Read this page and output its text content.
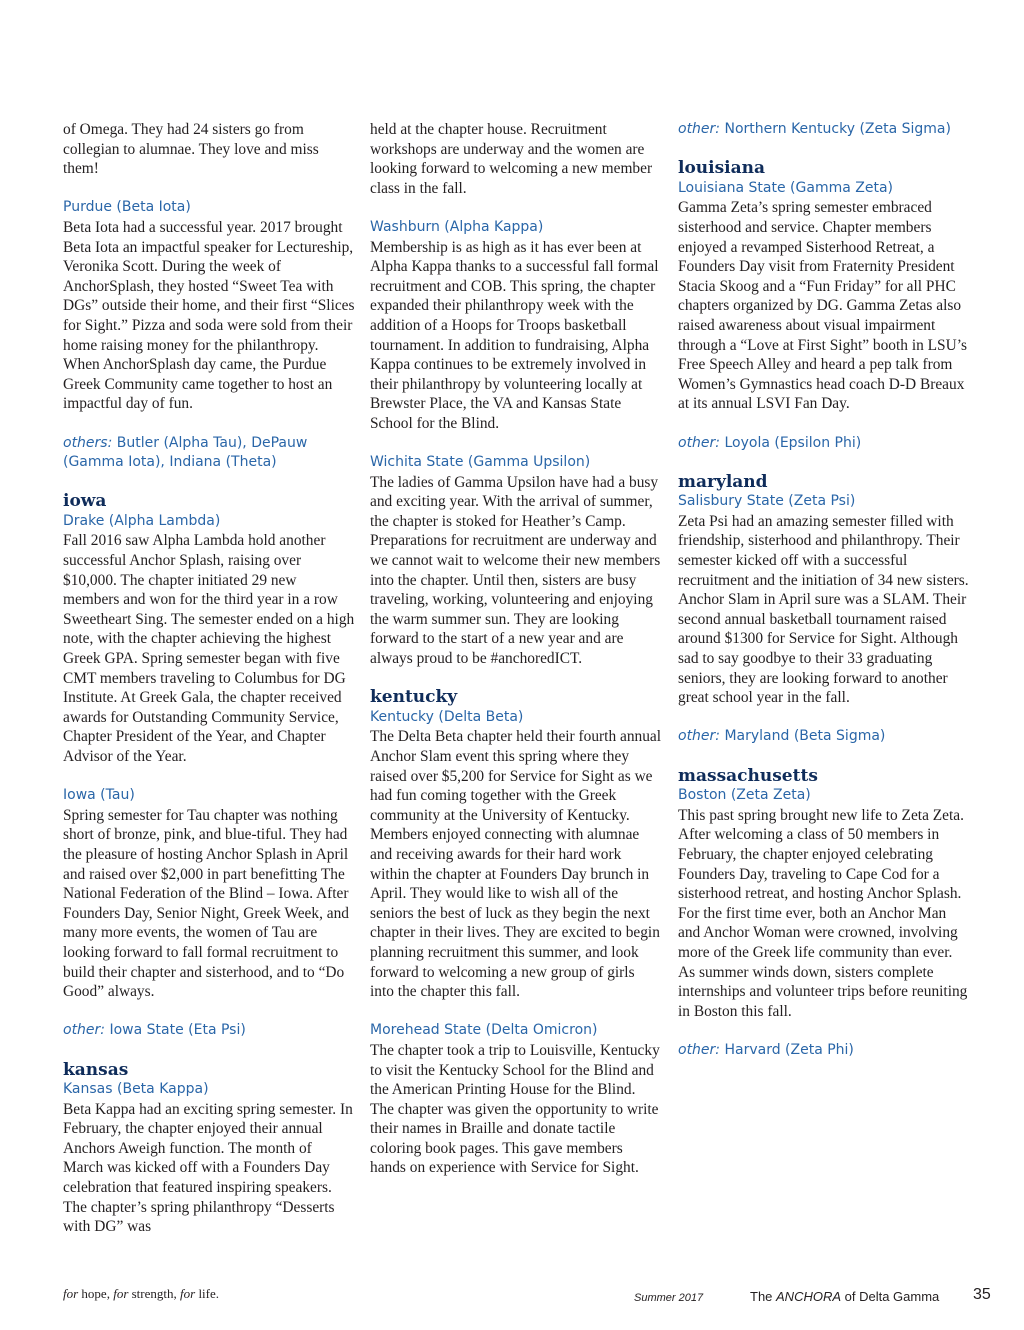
of Omega. They had 24 sisters go from collegian to alumnae. They love and miss them!

Purdue (Beta Iota)

Beta Iota had a successful year. 2017 brought Beta Iota an impactful speaker for Lectureship, Veronika Scott. During the week of AnchorSplash, they hosted “Sweet Tea with DGs” outside their home, and their first “Slices for Sight.” Pizza and soda were sold from their home raising money for the philanthropy. When AnchorSplash day came, the Purdue Greek Community came together to host an impactful day of fun.

others: Butler (Alpha Tau), DePauw (Gamma Iota), Indiana (Theta)
iowa
Drake (Alpha Lambda)

Fall 2016 saw Alpha Lambda hold another successful Anchor Splash, raising over $10,000. The chapter initiated 29 new members and won for the third year in a row Sweetheart Sing. The semester ended on a high note, with the chapter achieving the highest Greek GPA. Spring semester began with five CMT members traveling to Columbus for DG Institute. At Greek Gala, the chapter received awards for Outstanding Community Service, Chapter President of the Year, and Chapter Advisor of the Year.

Iowa (Tau)

Spring semester for Tau chapter was nothing short of bronze, pink, and blue-tiful. They had the pleasure of hosting Anchor Splash in April and raised over $2,000 in part benefitting The National Federation of the Blind – Iowa. After Founders Day, Senior Night, Greek Week, and many more events, the women of Tau are looking forward to fall formal recruitment to build their chapter and sisterhood, and to “Do Good” always.

other: Iowa State (Eta Psi)
kansas
Kansas (Beta Kappa)

Beta Kappa had an exciting spring semester. In February, the chapter enjoyed their annual Anchors Aweigh function. The month of March was kicked off with a Founders Day celebration that featured inspiring speakers. The chapter’s spring philanthropy “Desserts with DG” was

held at the chapter house. Recruitment workshops are underway and the women are looking forward to welcoming a new member class in the fall.

Washburn (Alpha Kappa)

Membership is as high as it has ever been at Alpha Kappa thanks to a successful fall formal recruitment and COB. This spring, the chapter expanded their philanthropy week with the addition of a Hoops for Troops basketball tournament. In addition to fundraising, Alpha Kappa continues to be extremely involved in their philanthropy by volunteering locally at Brewster Place, the VA and Kansas State School for the Blind.

Wichita State (Gamma Upsilon)

The ladies of Gamma Upsilon have had a busy and exciting year. With the arrival of summer, the chapter is stoked for Heather’s Camp. Preparations for recruitment are underway and we cannot wait to welcome their new members into the chapter. Until then, sisters are busy traveling, working, volunteering and enjoying the warm summer sun. They are looking forward to the start of a new year and are always proud to be #anchoredICT.

kentucky
Kentucky (Delta Beta)

The Delta Beta chapter held their fourth annual Anchor Slam event this spring where they raised over $5,200 for Service for Sight as we had fun coming together with the Greek community at the University of Kentucky. Members enjoyed connecting with alumnae and receiving awards for their hard work within the chapter at Founders Day brunch in April. They would like to wish all of the seniors the best of luck as they begin the next chapter in their lives. They are excited to begin planning recruitment this summer, and look forward to welcoming a new group of girls into the chapter this fall.

Morehead State (Delta Omicron)

The chapter took a trip to Louisville, Kentucky to visit the Kentucky School for the Blind and the American Printing House for the Blind. The chapter was given the opportunity to write their names in Braille and donate tactile coloring book pages. This gave members hands on experience with Service for Sight.

other: Northern Kentucky (Zeta Sigma)
louisiana
Louisiana State (Gamma Zeta)

Gamma Zeta’s spring semester embraced sisterhood and service. Chapter members enjoyed a revamped Sisterhood Retreat, a Founders Day visit from Fraternity President Stacia Skoog and a “Fun Friday” for all PHC chapters organized by DG. Gamma Zetas also raised awareness about visual impairment through a “Love at First Sight” booth in LSU’s Free Speech Alley and heard a pep talk from Women’s Gymnastics head coach D-D Breaux at its annual LSVI Fan Day.

other: Loyola (Epsilon Phi)
maryland
Salisbury State (Zeta Psi)

Zeta Psi had an amazing semester filled with friendship, sisterhood and philanthropy. Their semester kicked off with a successful recruitment and the initiation of 34 new sisters. Anchor Slam in April sure was a SLAM. Their second annual basketball tournament raised around $1300 for Service for Sight. Although sad to say goodbye to their 33 graduating seniors, they are looking forward to another great school year in the fall.

other: Maryland (Beta Sigma)
massachusetts
Boston (Zeta Zeta)

This past spring brought new life to Zeta Zeta. After welcoming a class of 50 members in February, the chapter enjoyed celebrating Founders Day, traveling to Cape Cod for a sisterhood retreat, and hosting Anchor Splash. For the first time ever, both an Anchor Man and Anchor Woman were crowned, involving more of the Greek life community than ever. As summer winds down, sisters complete internships and volunteer trips before reuniting in Boston this fall.

other: Harvard (Zeta Phi)
for hope, for strength, for life.	Summer 2017	The ANCHORA of Delta Gamma 35
